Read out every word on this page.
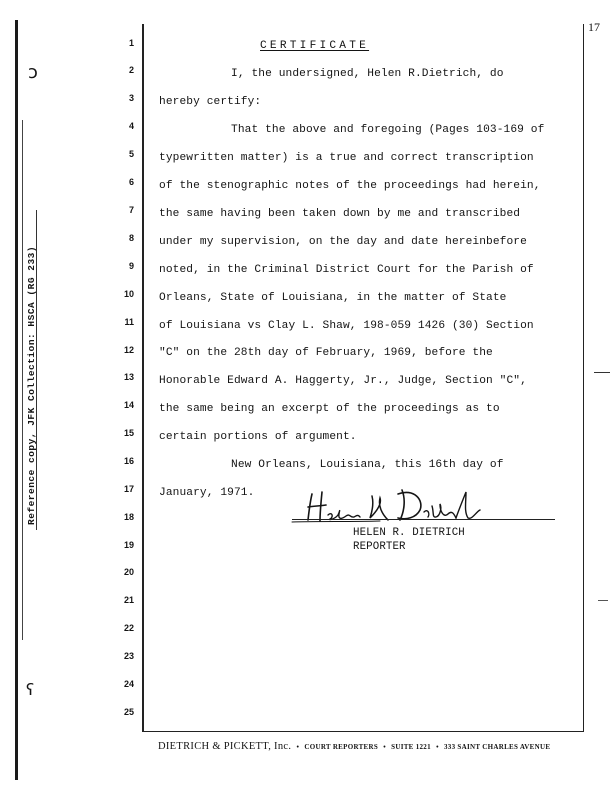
ↄ
ʕ
Reference copy, JFK Collection: HSCA (RG 233)
17
1
2
3
4
5
6
7
8
9
10
11
12
13
14
15
16
17
18
19
20
21
22
23
24
25
CERTIFICATE
I, the undersigned, Helen R.Dietrich, do
hereby certify:
That the above and foregoing (Pages 103-169 of
typewritten matter) is a true and correct transcription
of the stenographic notes of the proceedings had herein,
the same having been taken down by me and transcribed
under my supervision, on the day and date hereinbefore
noted, in the Criminal District Court for the Parish of
Orleans, State of Louisiana, in the matter of State
of Louisiana vs Clay L. Shaw, 198-059 1426 (30) Section
"C" on the 28th day of February, 1969, before the
Honorable Edward A. Haggerty, Jr., Judge, Section "C",
the same being an excerpt of the proceedings as to
certain portions of argument.
New Orleans, Louisiana, this 16th day of
January, 1971.
HELEN R. DIETRICH
REPORTER
DIETRICH & PICKETT, Inc. • COURT REPORTERS • SUITE 1221 • 333 SAINT CHARLES AVENUE
